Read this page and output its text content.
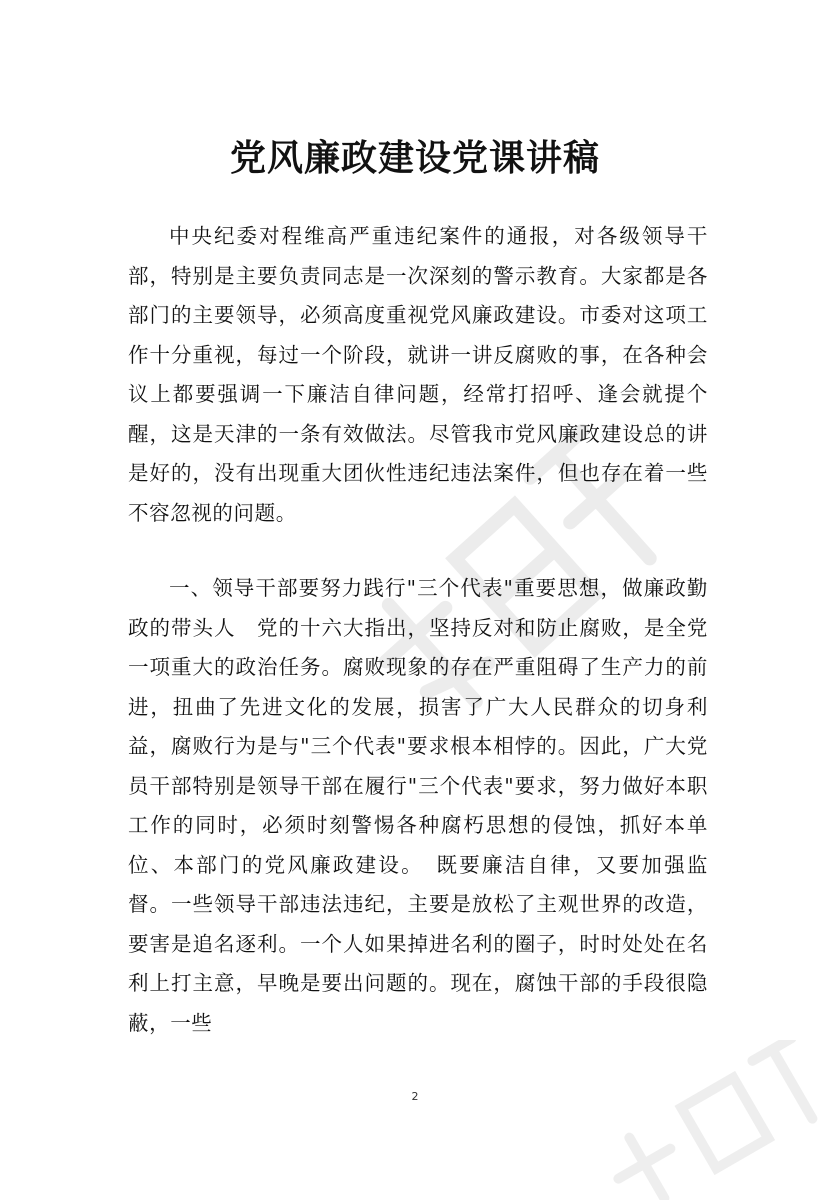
党风廉政建设党课讲稿

中央纪委对程维高严重违纪案件的通报，对各级领导干部，特别是主要负责同志是一次深刻的警示教育。大家都是各部门的主要领导，必须高度重视党风廉政建设。市委对这项工作十分重视，每过一个阶段，就讲一讲反腐败的事，在各种会议上都要强调一下廉洁自律问题，经常打招呼、逢会就提个醒，这是天津的一条有效做法。尽管我市党风廉政建设总的讲是好的，没有出现重大团伙性违纪违法案件，但也存在着一些不容忽视的问题。

一、领导干部要努力践行"三个代表"重要思想，做廉政勤政的带头人　党的十六大指出，坚持反对和防止腐败，是全党一项重大的政治任务。腐败现象的存在严重阻碍了生产力的前进，扭曲了先进文化的发展，损害了广大人民群众的切身利益，腐败行为是与"三个代表"要求根本相悖的。因此，广大党员干部特别是领导干部在履行"三个代表"要求，努力做好本职工作的同时，必须时刻警惕各种腐朽思想的侵蚀，抓好本单位、本部门的党风廉政建设。　既要廉洁自律，又要加强监督。一些领导干部违法违纪，主要是放松了主观世界的改造，要害是追名逐利。一个人如果掉进名利的圈子，时时处处在名利上打主意，早晚是要出问题的。现在，腐蚀干部的手段很隐蔽，一些

2
